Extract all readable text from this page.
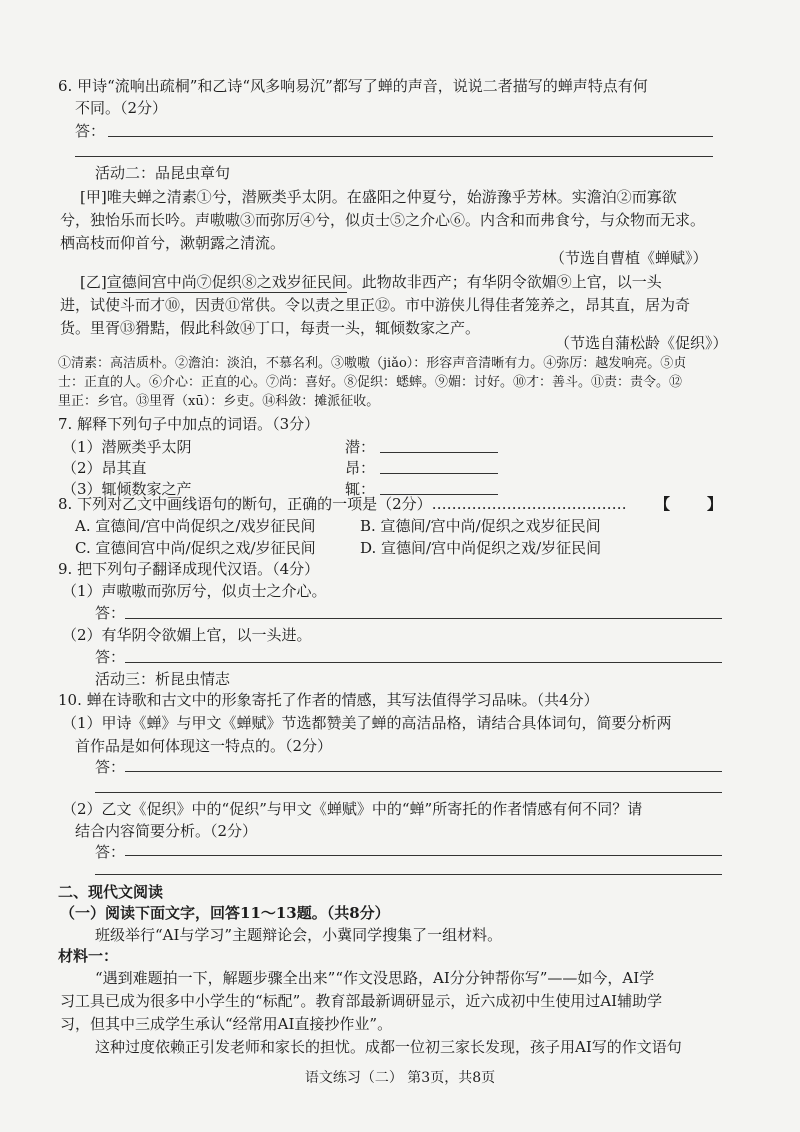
6. 甲诗“流响出疏桐”和乙诗“风多响易沉”都写了蝉的声音，说说二者描写的蝉声特点有何
不同。（2分）
答：
活动二：品昆虫章句
[甲]唯夫蝉之清素①兮，潜厥类乎太阴。在盛阳之仲夏兮，始游豫乎芳林。实澹泊②而寡欲
兮，独怡乐而长吟。声嗷嗷③而弥厉④兮，似贞士⑤之介心⑥。内含和而弗食兮，与众物而无求。
栖高枝而仰首兮，漱朝露之清流。
（节选自曹植《蝉赋》）
[乙]宣德间宫中尚⑦促织⑧之戏岁征民间。此物故非西产；有华阴令欲媚⑨上官，以一头
进，试使斗而才⑩，因责⑪常供。令以责之里正⑫。市中游侠儿得佳者笼养之，昂其直，居为奇
货。里胥⑬猾黠，假此科敛⑭丁口，每责一头，辄倾数家之产。
（节选自蒲松龄《促织》）
①清素：高洁质朴。②澹泊：淡泊，不慕名利。③嗷嗷（jiǎo）：形容声音清晰有力。④弥厉：越发响亮。⑤贞
士：正直的人。⑥介心：正直的心。⑦尚：喜好。⑧促织：蟋蟀。⑨媚：讨好。⑩才：善斗。⑪责：责令。⑫
里正：乡官。⑬里胥（xū）：乡吏。⑭科敛：摊派征收。
7. 解释下列句子中加点的词语。（3分）
（1）潜厥类乎太阴	潜：
（2）昂其直	昂：
（3）辄倾数家之产	辄：
8. 下列对乙文中画线语句的断句，正确的一项是（2分）………………………………… 【 】
A. 宣德间/宫中尚促织之/戏岁征民间	B. 宣德间/宫中尚/促织之戏岁征民间
C. 宣德间宫中尚/促织之戏/岁征民间	D. 宣德间/宫中尚促织之戏/岁征民间
9. 把下列句子翻译成现代汉语。（4分）
（1）声嗷嗷而弥厉兮，似贞士之介心。
答：
（2）有华阴令欲媚上官，以一头进。
答：
活动三：析昆虫情志
10. 蝉在诗歌和古文中的形象寄托了作者的情感，其写法值得学习品味。（共4分）
（1）甲诗《蝉》与甲文《蝉赋》节选都赞美了蝉的高洁品格，请结合具体词句，简要分析两
首作品是如何体现这一特点的。（2分）
答：
（2）乙文《促织》中的“促织”与甲文《蝉赋》中的“蝉”所寄托的作者情感有何不同？请
结合内容简要分析。（2分）
答：
二、现代文阅读
（一）阅读下面文字，回答11～13题。（共8分）
班级举行“AI与学习”主题辩论会，小冀同学搜集了一组材料。
材料一：
“遇到难题拍一下，解题步骤全出来”“作文没思路，AI分分钟帮你写”——如今，AI学
习工具已成为很多中小学生的“标配”。教育部最新调研显示，近六成初中生使用过AI辅助学
习，但其中三成学生承认“经常用AI直接抄作业”。
这种过度依赖正引发老师和家长的担忧。成都一位初三家长发现，孩子用AI写的作文语句
语文练习（二） 第3页，共8页
